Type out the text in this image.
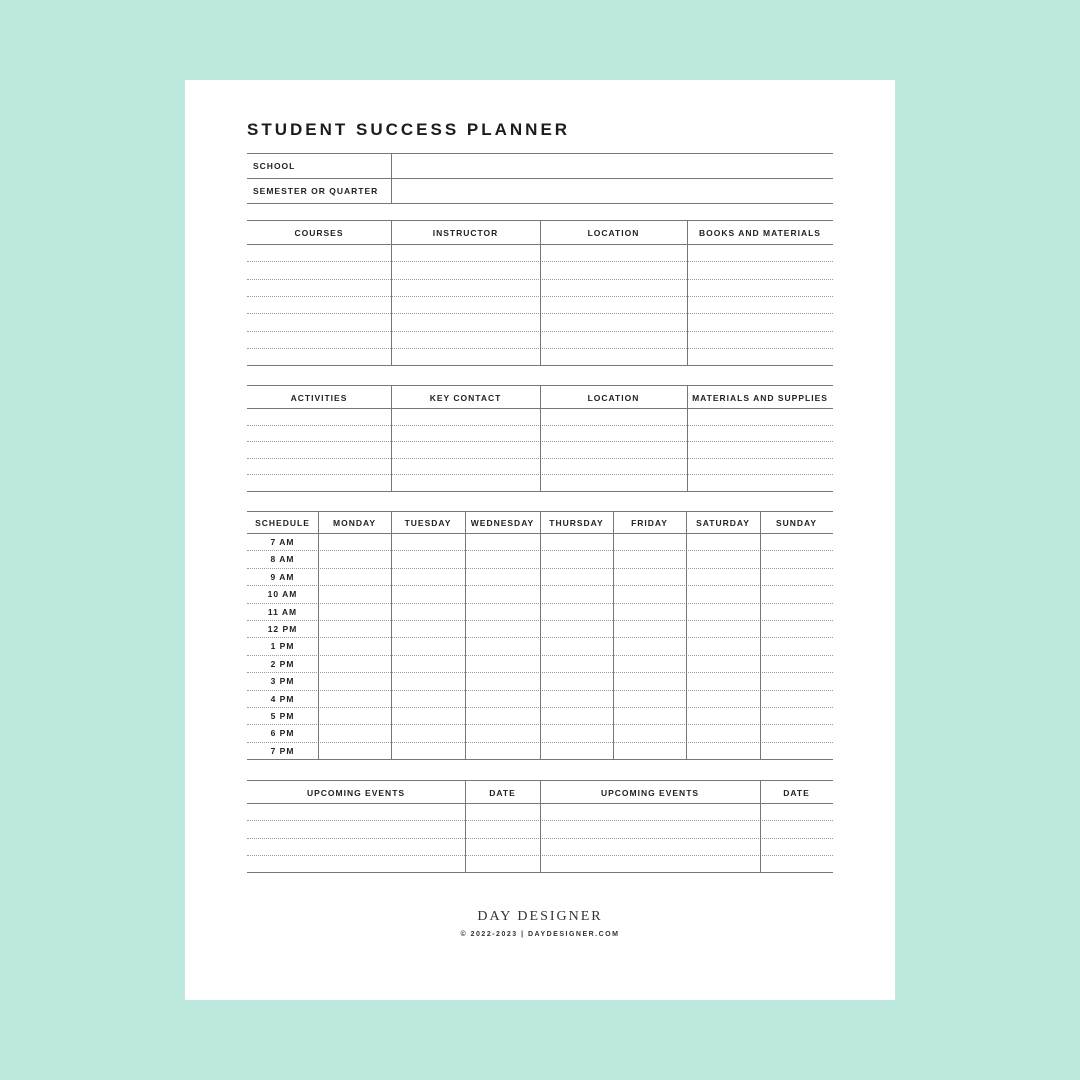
STUDENT SUCCESS PLANNER
SCHOOL
SEMESTER OR QUARTER
COURSES	INSTRUCTOR	LOCATION	BOOKS AND MATERIALS
ACTIVITIES	KEY CONTACT	LOCATION	MATERIALS AND SUPPLIES
SCHEDULE	MONDAY	TUESDAY	WEDNESDAY	THURSDAY	FRIDAY	SATURDAY	SUNDAY
7 AM
8 AM
9 AM
10 AM
11 AM
12 PM
1 PM
2 PM
3 PM
4 PM
5 PM
6 PM
7 PM
UPCOMING EVENTS	DATE	UPCOMING EVENTS	DATE
DAY DESIGNER
© 2022-2023 | DAYDESIGNER.COM
